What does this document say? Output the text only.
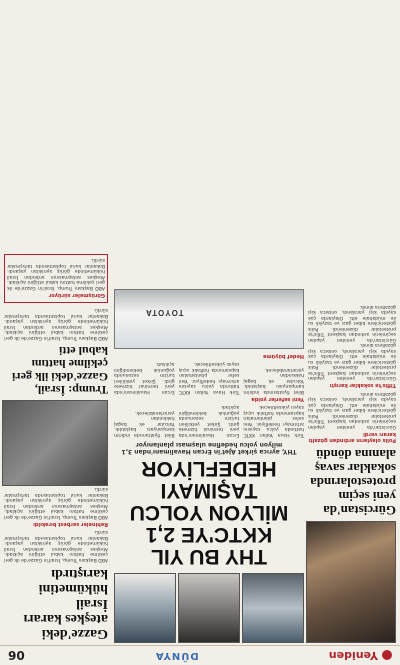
Yeniden
DÜNYA
06
Gürcistan'da yeni seçim protestolarında sokaklar savaş alanına döndü
Polis olayların ardından gözaltı kararı verdi
Gürcistan'da yeniden yapılan seçimlerin ardından başkent Tiflis'te protestolar düzenlendi. Polis göstericilere biber gazı ve tazyikli su ile müdahale etti. Olaylarda çok sayıda kişi yaralandı, onlarca kişi gözaltına alındı.
Tiflis'te sokaklar karıştı
Gürcistan'da yeniden yapılan seçimlerin ardından başkent Tiflis'te protestolar düzenlendi. Polis göstericilere biber gazı ve tazyikli su ile müdahale etti. Olaylarda çok sayıda kişi yaralandı, onlarca kişi gözaltına alındı.
Gürcistan'da yeniden yapılan seçimlerin ardından başkent Tiflis'te protestolar düzenlendi. Polis göstericilere biber gazı ve tazyikli su ile müdahale etti. Olaylarda çok sayıda kişi yaralandı, onlarca kişi gözaltına alındı.
THY BU YIL KKTC'YE 2,1 MİLYON YOLCU TAŞIMAYI HEDEFLİYOR
THY, ayrıca şirket AJet'in Ercan Havalimanı'ndan 3,1 milyon yolcu hedefine ulaşması planlanıyor
Türk Hava Yolları KKTC hattında yolcu sayısını artırmayı hedefliyor. Yeni sefer planlamaları kapsamında haftalık uçuş sayısı yükseltilecek.
Ercan Havalimanı'nda yeni terminal hizmete girdi. Şirket yetkilileri turizm sezonunda yoğunluk beklendiğini açıkladı.
Bilet fiyatlarında indirim kampanyası başlatıldı. Yolcular ek bagaj hakkından yararlanabilecek.
Yeni seferler yolda
Bilet fiyatlarında indirim kampanyası başlatıldı. Yolcular ek bagaj hakkından yararlanabilecek.
Türk Hava Yolları KKTC hattında yolcu sayısını artırmayı hedefliyor. Yeni sefer planlamaları kapsamında haftalık uçuş sayısı yükseltilecek.
Ercan Havalimanı'nda yeni terminal hizmete girdi. Şirket yetkilileri turizm sezonunda yoğunluk beklendiğini açıkladı.
Hedef büyüme
TOYOTA
Gazze'deki ateşkes kararı İsrail hükümetini karıştırdı
ABD Başkanı Trump, İsrail'in Gazze'de ilk geri çekilme hattını kabul ettiğini açıkladı. Ateşkes anlaşmasının ardından İsrail hükümetinde görüş ayrılıkları yaşandı. Bakanlar kurul toplantısında tartışmalar sürdü.
Rehineler serbest bırakıldı
ABD Başkanı Trump, İsrail'in Gazze'de ilk geri çekilme hattını kabul ettiğini açıkladı. Ateşkes anlaşmasının ardından İsrail hükümetinde görüş ayrılıkları yaşandı. Bakanlar kurul toplantısında tartışmalar sürdü.
Trump: İsrail, Gazze'deki ilk geri çekilme hattını kabul etti
ABD Başkanı Trump, İsrail'in Gazze'de ilk geri çekilme hattını kabul ettiğini açıkladı. Ateşkes anlaşmasının ardından İsrail hükümetinde görüş ayrılıkları yaşandı. Bakanlar kurul toplantısında tartışmalar sürdü.
Görüşmeler sürüyor
ABD Başkanı Trump, İsrail'in Gazze'de ilk geri çekilme hattını kabul ettiğini açıkladı. Ateşkes anlaşmasının ardından İsrail hükümetinde görüş ayrılıkları yaşandı. Bakanlar kurul toplantısında tartışmalar sürdü.
